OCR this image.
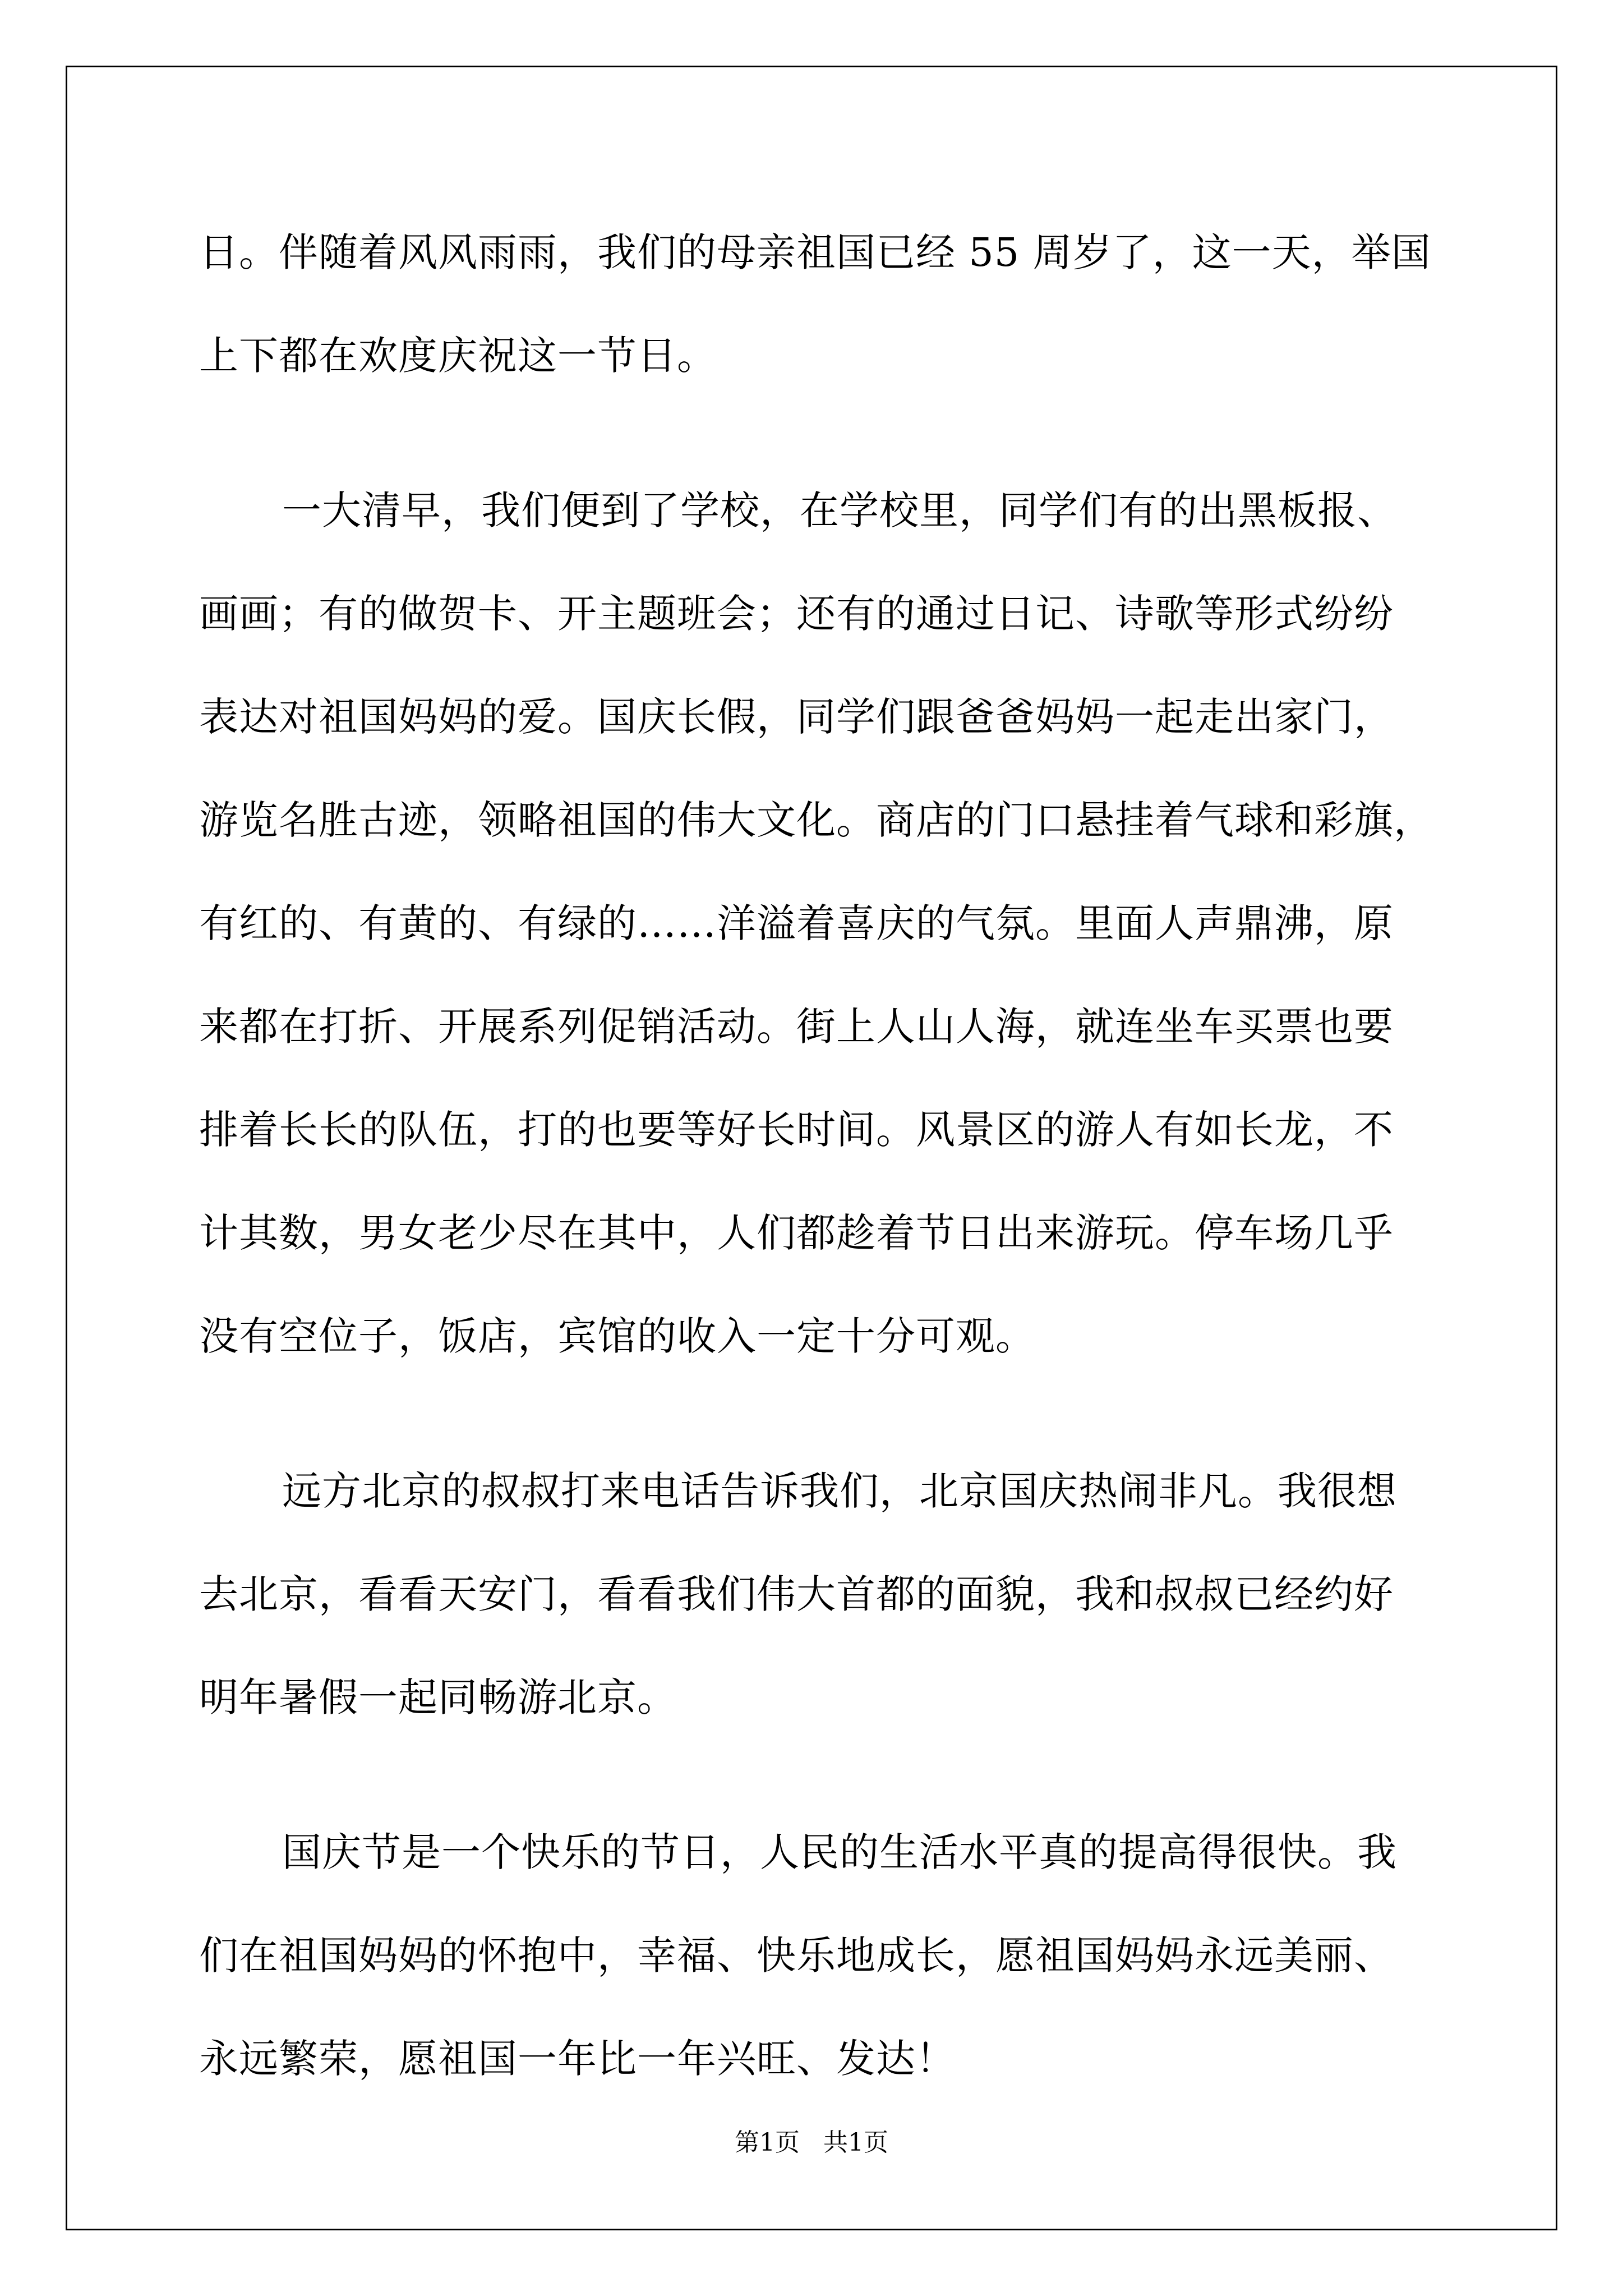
日。伴随着风风雨雨，我们的母亲祖国已经 55 周岁了，这一天，举国
上下都在欢度庆祝这一节日。
一大清早，我们便到了学校，在学校里，同学们有的出黑板报、
画画；有的做贺卡、开主题班会；还有的通过日记、诗歌等形式纷纷
表达对祖国妈妈的爱。国庆长假，同学们跟爸爸妈妈一起走出家门，
游览名胜古迹，领略祖国的伟大文化。商店的门口悬挂着气球和彩旗，
有红的、有黄的、有绿的……洋溢着喜庆的气氛。里面人声鼎沸，原
来都在打折、开展系列促销活动。街上人山人海，就连坐车买票也要
排着长长的队伍，打的也要等好长时间。风景区的游人有如长龙，不
计其数，男女老少尽在其中，人们都趁着节日出来游玩。停车场几乎
没有空位子，饭店，宾馆的收入一定十分可观。
远方北京的叔叔打来电话告诉我们，北京国庆热闹非凡。我很想
去北京，看看天安门，看看我们伟大首都的面貌，我和叔叔已经约好
明年暑假一起同畅游北京。
国庆节是一个快乐的节日，人民的生活水平真的提高得很快。我
们在祖国妈妈的怀抱中，幸福、快乐地成长，愿祖国妈妈永远美丽、
永远繁荣，愿祖国一年比一年兴旺、发达！
第1页   共1页
